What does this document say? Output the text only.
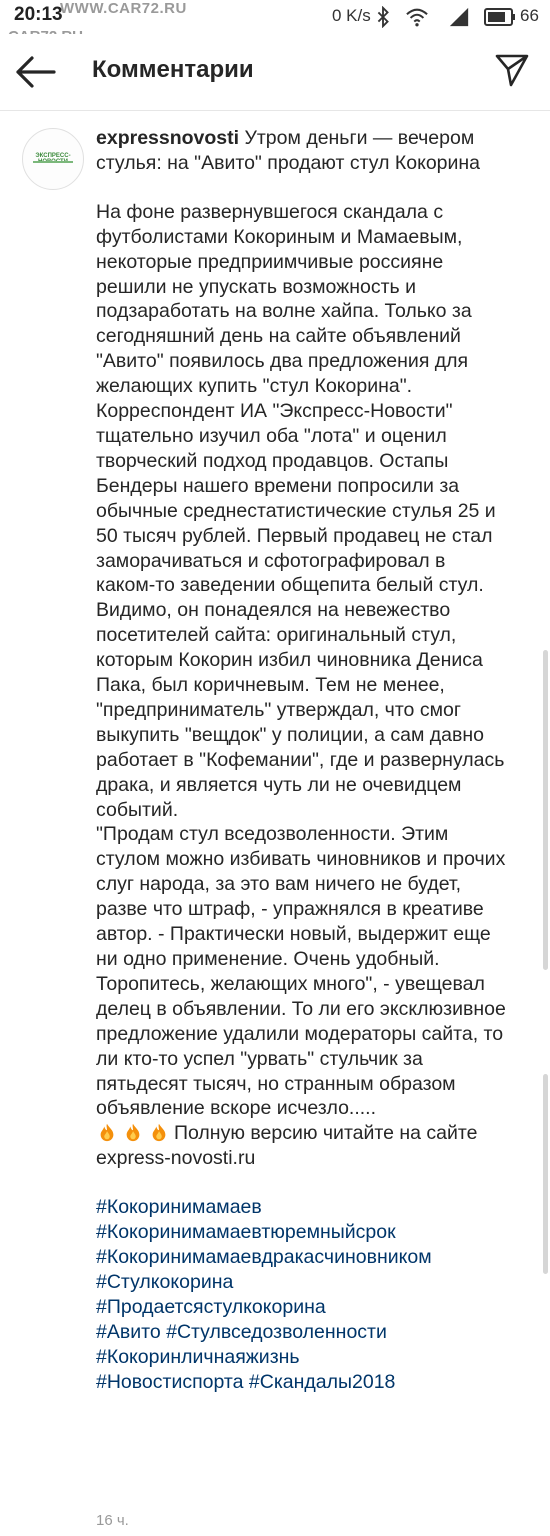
20:13
WWW.CAR72.RU	0 K/s	66
Комментарии
ЭКСПРЕСС-

expressnovosti Утром деньги — вечером стулья: на "Авито" продают стул Кокорина

На фоне развернувшегося скандала с футболистами Кокориным и Мамаевым, некоторые предприимчивые россияне решили не упускать возможность и подзаработать на волне хайпа. Только за сегодняшний день на сайте объявлений "Авито" появилось два предложения для желающих купить "стул Кокорина". Корреспондент ИА "Экспресс-Новости" тщательно изучил оба "лота" и оценил творческий подход продавцов. Остапы Бендеры нашего времени попросили за обычные среднестатистические стулья 25 и 50 тысяч рублей. Первый продавец не стал заморачиваться и сфотографировал в каком-то заведении общепита белый стул. Видимо, он понадеялся на невежество посетителей сайта: оригинальный стул, которым Кокорин избил чиновника Дениса Пака, был коричневым. Тем не менее, "предприниматель" утверждал, что смог выкупить "вещдок" у полиции, а сам давно работает в "Кофемании", где и развернулась драка, и является чуть ли не очевидцем событий.
"Продам стул вседозволенности. Этим стулом можно избивать чиновников и прочих слуг народа, за это вам ничего не будет, разве что штраф, - упражнялся в креативе автор. - Практически новый, выдержит еще ни одно применение. Очень удобный. Торопитесь, желающих много", - увещевал делец в объявлении. То ли его эксклюзивное предложение удалили модераторы сайта, то ли кто-то успел "урвать" стульчик за пятьдесят тысяч, но странным образом объявление вскоре исчезло.....

Полную версию читайте на сайте express-novosti.ru

#Кокоринимамаев
#Кокоринимамаевтюремныйсрок
#Кокоринимамаевдракасчиновником
#Стулкокорина
#Продаетсястулкокорина
#Авито #Стулвседозволенности
#Кокоринличнаяжизнь
#Новостиспорта #Скандалы2018
16 ч.
